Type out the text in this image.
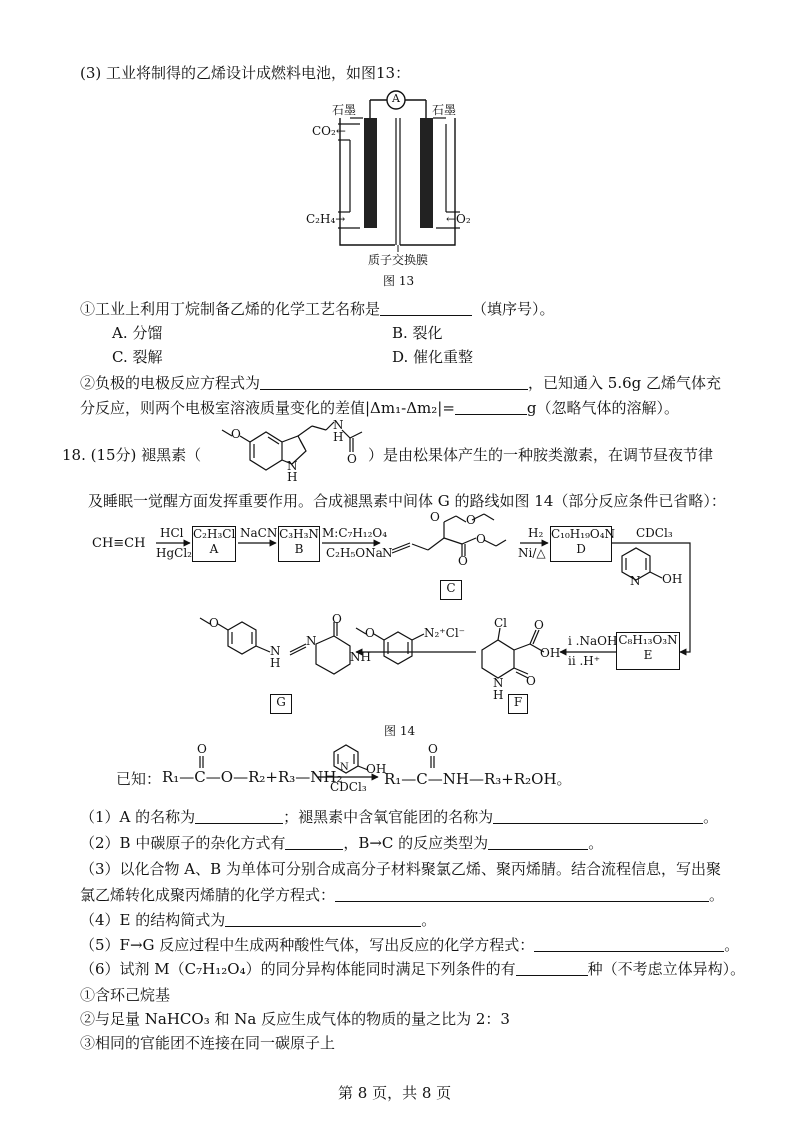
(3) 工业将制得的乙烯设计成燃料电池，如图13：
A
石墨	石墨
CO₂←
C₂H₄→	←O₂
质子交换膜
图 13
①工业上利用丁烷制备乙烯的化学工艺名称是	（填序号）。
A. 分馏	B. 裂化
C. 裂解	D. 催化重整
②负极的电极反应方程式为	，已知通入 5.6g 乙烯气体充
分反应，则两个电极室溶液质量变化的差值|Δm₁-Δm₂|=	g（忽略气体的溶解）。
18. (15分) 褪黑素（	）是由松果体产生的一种胺类激素，在调节昼夜节律
O
N
H
N
H
O
及睡眠一觉醒方面发挥重要作用。合成褪黑素中间体 G 的路线如图 14（部分反应条件已省略）：
CH≡CH
HCl
HgCl₂
C₂H₃Cl
A
NaCN C₃H₃N
B
M:C₇H₁₂O₄
C₂H₅ONa N
O O
O
O
C
H₂
Ni/△
C₁₀H₁₉O₄N
D
CDCl₃
N OH
C₈H₁₃O₃N
E
i .NaOH
ii .H⁺
Cl O
OH
O
N
H F
O	N₂⁺Cl⁻
O
N
H
N
NH
O
G
图 14
已知： R₁—C—O—R₂+R₃—NH₂
O	O
N OH
CDCl₃ R₁—C—NH—R₃+R₂OH。
（1）A 的名称为	；褪黑素中含氧官能团的名称为	。
（2）B 中碳原子的杂化方式有	，B→C 的反应类型为	。
（3）以化合物 A、B 为单体可分别合成高分子材料聚氯乙烯、聚丙烯腈。结合流程信息，写出聚
氯乙烯转化成聚丙烯腈的化学方程式：	。
（4）E 的结构简式为	。
（5）F→G 反应过程中生成两种酸性气体，写出反应的化学方程式：	。
（6）试剂 M（C₇H₁₂O₄）的同分异构体能同时满足下列条件的有	种（不考虑立体异构）。
①含环己烷基
②与足量 NaHCO₃ 和 Na 反应生成气体的物质的量之比为 2：3
③相同的官能团不连接在同一碳原子上
第 8 页，共 8 页
